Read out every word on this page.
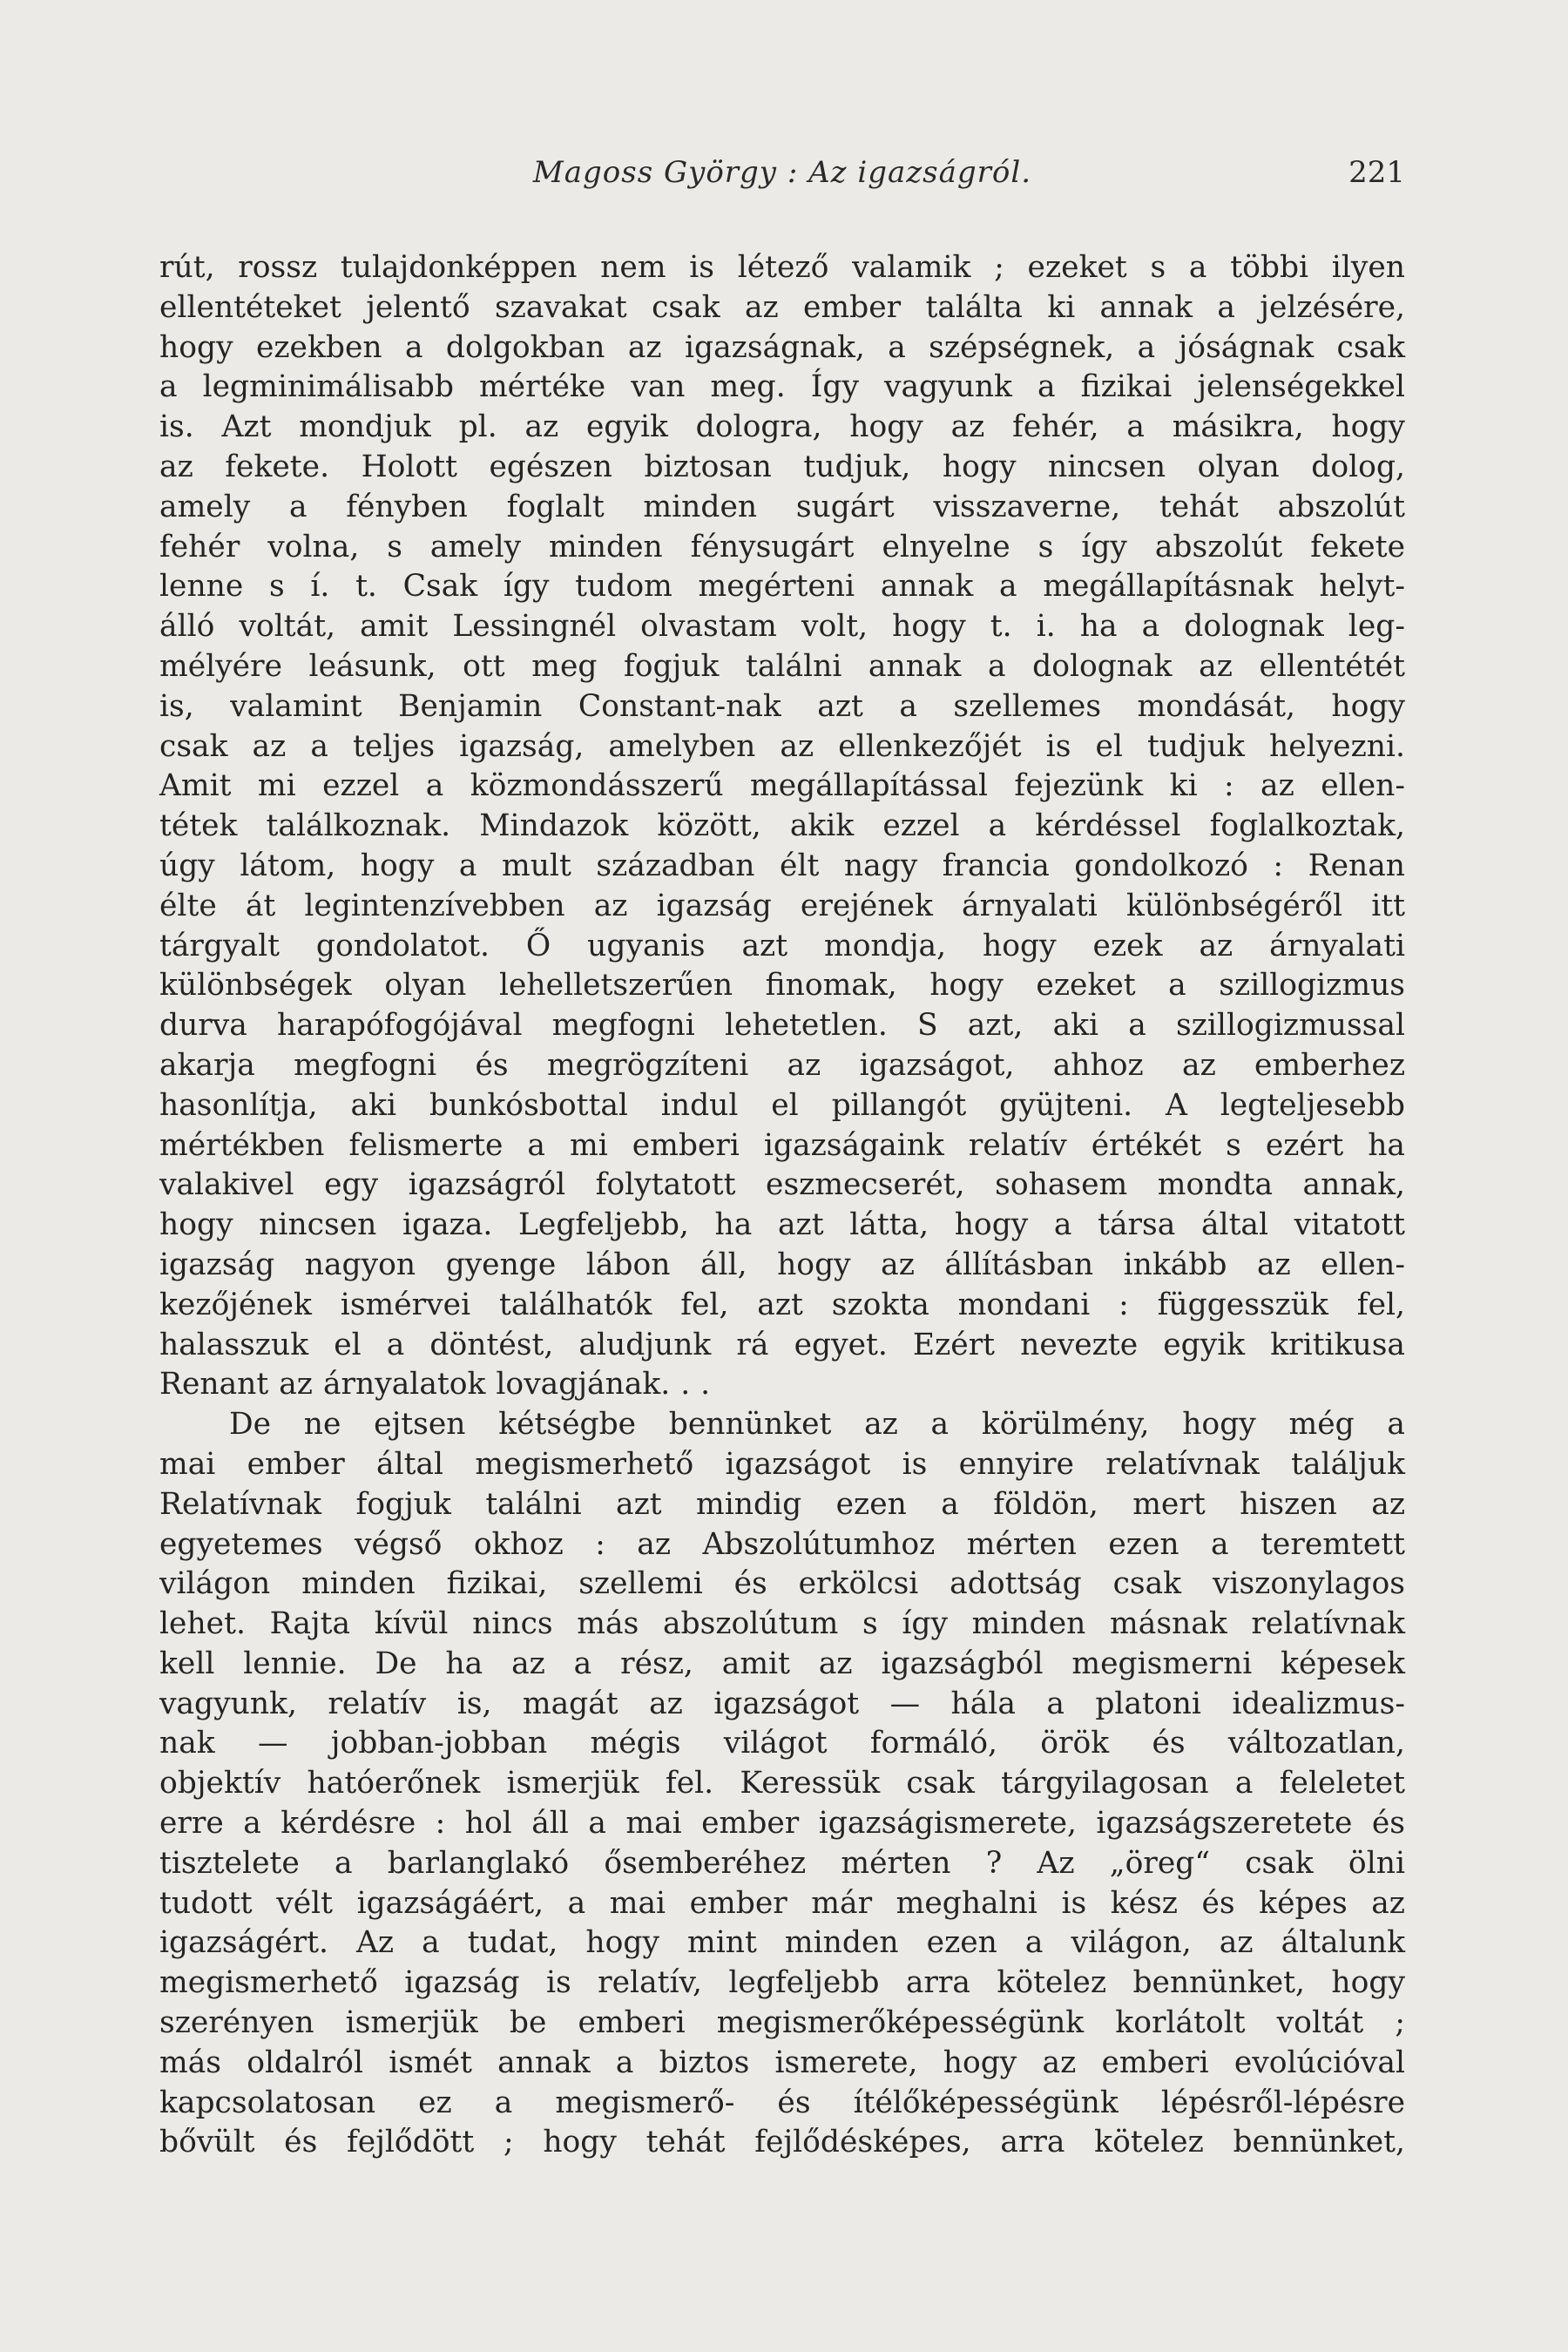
Magoss György : Az igazságról.	221
rút, rossz tulajdonképpen nem is létező valamik ; ezeket s a többi ilyen
ellentéteket jelentő szavakat csak az ember találta ki annak a jelzésére,
hogy ezekben a dolgokban az igazságnak, a szépségnek, a jóságnak csak
a legminimálisabb mértéke van meg. Így vagyunk a fizikai jelenségekkel
is. Azt mondjuk pl. az egyik dologra, hogy az fehér, a másikra, hogy
az fekete. Holott egészen biztosan tudjuk, hogy nincsen olyan dolog,
amely a fényben foglalt minden sugárt visszaverne, tehát abszolút
fehér volna, s amely minden fénysugárt elnyelne s így abszolút fekete
lenne s í. t. Csak így tudom megérteni annak a megállapításnak helyt-
álló voltát, amit Lessingnél olvastam volt, hogy t. i. ha a dolognak leg-
mélyére leásunk, ott meg fogjuk találni annak a dolognak az ellentétét
is, valamint Benjamin Constant-nak azt a szellemes mondását, hogy
csak az a teljes igazság, amelyben az ellenkezőjét is el tudjuk helyezni.
Amit mi ezzel a közmondásszerű megállapítással fejezünk ki : az ellen-
tétek találkoznak. Mindazok között, akik ezzel a kérdéssel foglalkoztak,
úgy látom, hogy a mult században élt nagy francia gondolkozó : Renan
élte át legintenzívebben az igazság erejének árnyalati különbségéről itt
tárgyalt gondolatot. Ő ugyanis azt mondja, hogy ezek az árnyalati
különbségek olyan lehelletszerűen finomak, hogy ezeket a szillogizmus
durva harapófogójával megfogni lehetetlen. S azt, aki a szillogizmussal
akarja megfogni és megrögzíteni az igazságot, ahhoz az emberhez
hasonlítja, aki bunkósbottal indul el pillangót gyüjteni. A legteljesebb
mértékben felismerte a mi emberi igazságaink relatív értékét s ezért ha
valakivel egy igazságról folytatott eszmecserét, sohasem mondta annak,
hogy nincsen igaza. Legfeljebb, ha azt látta, hogy a társa által vitatott
igazság nagyon gyenge lábon áll, hogy az állításban inkább az ellen-
kezőjének ismérvei találhatók fel, azt szokta mondani : függesszük fel,
halasszuk el a döntést, aludjunk rá egyet. Ezért nevezte egyik kritikusa
Renant az árnyalatok lovagjának. . .
De ne ejtsen kétségbe bennünket az a körülmény, hogy még a
mai ember által megismerhető igazságot is ennyire relatívnak találjuk
Relatívnak fogjuk találni azt mindig ezen a földön, mert hiszen az
egyetemes végső okhoz : az Abszolútumhoz mérten ezen a teremtett
világon minden fizikai, szellemi és erkölcsi adottság csak viszonylagos
lehet. Rajta kívül nincs más abszolútum s így minden másnak relatívnak
kell lennie. De ha az a rész, amit az igazságból megismerni képesek
vagyunk, relatív is, magát az igazságot — hála a platoni idealizmus-
nak — jobban-jobban mégis világot formáló, örök és változatlan,
objektív hatóerőnek ismerjük fel. Keressük csak tárgyilagosan a feleletet
erre a kérdésre : hol áll a mai ember igazságismerete, igazságszeretete és
tisztelete a barlanglakó ősemberéhez mérten ? Az „öreg“ csak ölni
tudott vélt igazságáért, a mai ember már meghalni is kész és képes az
igazságért. Az a tudat, hogy mint minden ezen a világon, az általunk
megismerhető igazság is relatív, legfeljebb arra kötelez bennünket, hogy
szerényen ismerjük be emberi megismerőképességünk korlátolt voltát ;
más oldalról ismét annak a biztos ismerete, hogy az emberi evolúcióval
kapcsolatosan ez a megismerő- és ítélőképességünk lépésről-lépésre
bővült és fejlődött ; hogy tehát fejlődésképes, arra kötelez bennünket,
